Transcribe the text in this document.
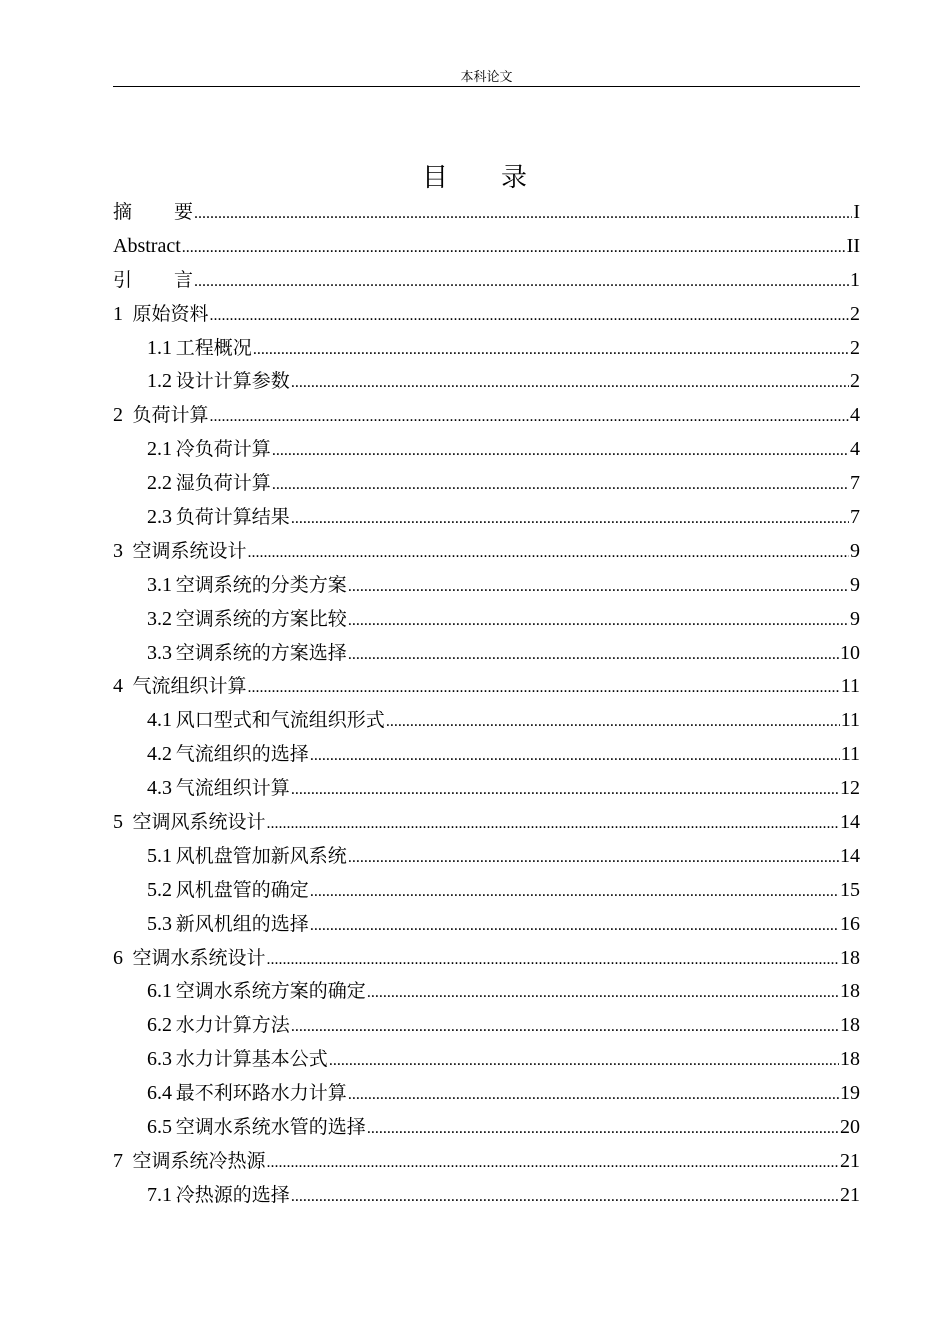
本科论文
目 录
摘要 .....	I
Abstract .....	II
引言 .....	1
1  原始资料 .....	2
1.1  工程概况 .....	2
1.2  设计计算参数 .....	2
2  负荷计算 .....	4
2.1  冷负荷计算 .....	4
2.2  湿负荷计算 .....	7
2.3  负荷计算结果 .....	7
3  空调系统设计 .....	9
3.1  空调系统的分类方案 .....	9
3.2  空调系统的方案比较 .....	9
3.3  空调系统的方案选择 .....	10
4  气流组织计算 .....	11
4.1  风口型式和气流组织形式 .....	11
4.2  气流组织的选择 .....	11
4.3  气流组织计算 .....	12
5  空调风系统设计 .....	14
5.1  风机盘管加新风系统 .....	14
5.2  风机盘管的确定 .....	15
5.3  新风机组的选择 .....	16
6  空调水系统设计 .....	18
6.1  空调水系统方案的确定 .....	18
6.2  水力计算方法 .....	18
6.3  水力计算基本公式 .....	18
6.4  最不利环路水力计算 .....	19
6.5  空调水系统水管的选择 .....	20
7  空调系统冷热源 .....	21
7.1  冷热源的选择 .....	21
